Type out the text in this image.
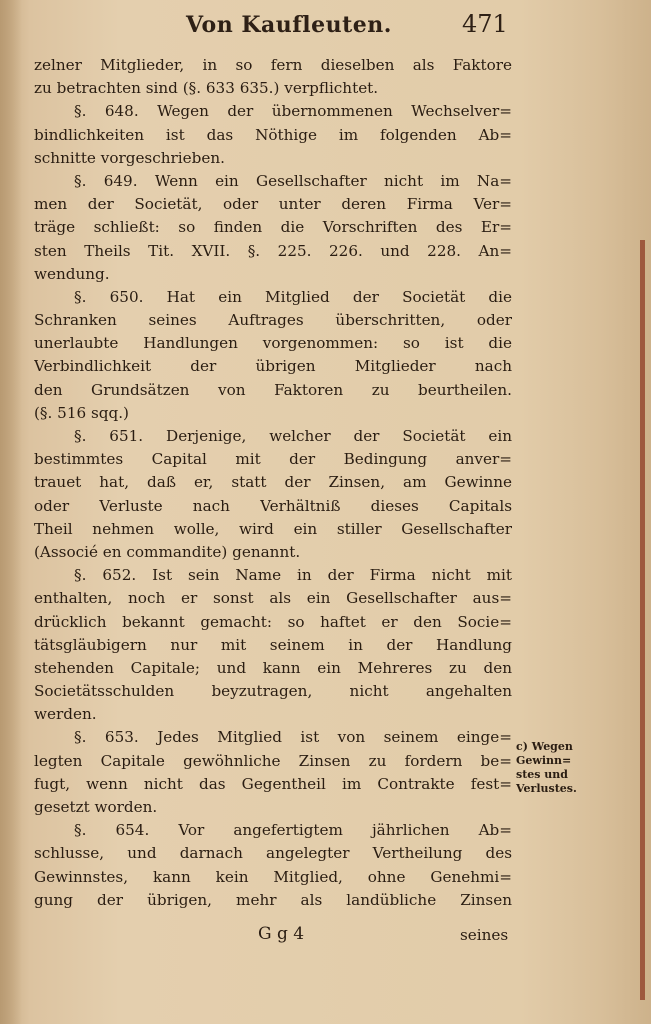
Von Kaufleuten.	471
zelner Mitglieder, in so fern dieselben als Faktore
zu betrachten sind (§. 633 635.) verpflichtet.
§. 648. Wegen der übernommenen Wechselver=
bindlichkeiten ist das Nöthige im folgenden Ab=
schnitte vorgeschrieben.
§. 649. Wenn ein Gesellschafter nicht im Na=
men der Societät, oder unter deren Firma Ver=
träge schließt: so finden die Vorschriften des Er=
sten Theils Tit. XVII. §. 225. 226. und 228. An=
wendung.
§. 650. Hat ein Mitglied der Societät die
Schranken seines Auftrages überschritten, oder
unerlaubte Handlungen vorgenommen: so ist die
Verbindlichkeit der übrigen Mitglieder nach
den Grundsätzen von Faktoren zu beurtheilen.
(§. 516 sqq.)
§. 651. Derjenige, welcher der Societät ein
bestimmtes Capital mit der Bedingung anver=
trauet hat, daß er, statt der Zinsen, am Gewinne
oder Verluste nach Verhältniß dieses Capitals
Theil nehmen wolle, wird ein stiller Gesellschafter
(Associé en commandite) genannt.
§. 652. Ist sein Name in der Firma nicht mit
enthalten, noch er sonst als ein Gesellschafter aus=
drücklich bekannt gemacht: so haftet er den Socie=
tätsgläubigern nur mit seinem in der Handlung
stehenden Capitale; und kann ein Mehreres zu den
Societätsschulden beyzutragen, nicht angehalten
werden.
§. 653. Jedes Mitglied ist von seinem einge=
legten Capitale gewöhnliche Zinsen zu fordern be=
fugt, wenn nicht das Gegentheil im Contrakte fest=
gesetzt worden.
§. 654. Vor angefertigtem jährlichen Ab=
schlusse, und darnach angelegter Vertheilung des
Gewinnstes, kann kein Mitglied, ohne Genehmi=
gung der übrigen, mehr als landübliche Zinsen
c) Wegen
Gewinn=
stes und
Verlustes.
G g 4	seines
